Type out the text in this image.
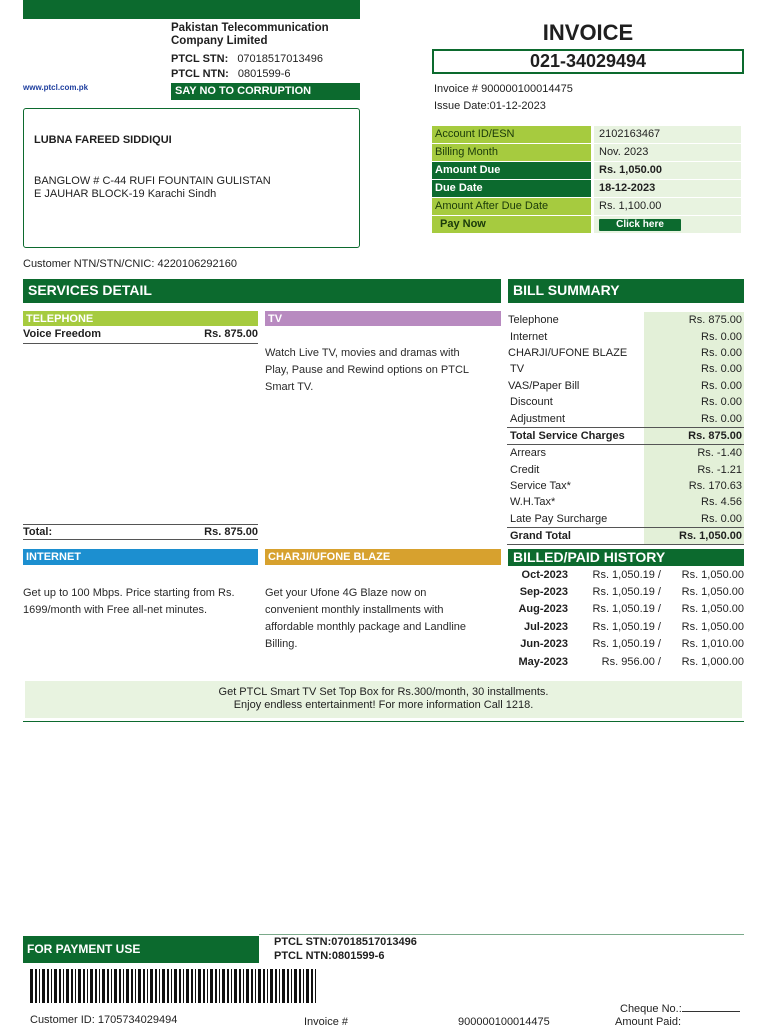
Pakistan Telecommunication
Company Limited
PTCL STN: 07018517013496
PTCL NTN: 0801599-6
www.ptcl.com.pk	SAY NO TO CORRUPTION
INVOICE
021-34029494
Invoice # 900000100014475
Issue Date:01-12-2023
LUBNA FAREED SIDDIQUI
BANGLOW # C-44 RUFI FOUNTAIN GULISTAN
E JAUHAR BLOCK-19 Karachi Sindh
Customer NTN/STN/CNIC: 4220106292160
Account ID/ESN	2102163467
Billing Month	Nov. 2023
Amount Due	Rs. 1,050.00
Due Date	18-12-2023
Amount After Due Date	Rs. 1,100.00
Pay Now	Click here
SERVICES DETAIL
TELEPHONE
Voice Freedom	Rs. 875.00
Total:	Rs. 875.00
TV
Watch Live TV, movies and dramas with Play, Pause and Rewind options on PTCL Smart TV.
INTERNET
Get up to 100 Mbps. Price starting from Rs. 1699/month with Free all-net minutes.
CHARJI/UFONE BLAZE
Get your Ufone 4G Blaze now on convenient monthly installments with affordable monthly package and Landline Billing.
BILL SUMMARY
Telephone	Rs. 875.00
Internet	Rs. 0.00
CHARJI/UFONE BLAZE	Rs. 0.00
TV	Rs. 0.00
VAS/Paper Bill	Rs. 0.00
Discount	Rs. 0.00
Adjustment	Rs. 0.00
Total Service Charges	Rs. 875.00
Arrears	Rs. -1.40
Credit	Rs. -1.21
Service Tax*	Rs. 170.63
W.H.Tax*	Rs. 4.56
Late Pay Surcharge	Rs. 0.00
Grand Total	Rs. 1,050.00
BILLED/PAID HISTORY
Oct-2023	Rs. 1,050.19 /	Rs. 1,050.00
Sep-2023	Rs. 1,050.19 /	Rs. 1,050.00
Aug-2023	Rs. 1,050.19 /	Rs. 1,050.00
Jul-2023	Rs. 1,050.19 /	Rs. 1,050.00
Jun-2023	Rs. 1,050.19 /	Rs. 1,010.00
May-2023	Rs. 956.00 /	Rs. 1,000.00
Get PTCL Smart TV Set Top Box for Rs.300/month, 30 installments.
Enjoy endless entertainment! For more information Call 1218.
FOR PAYMENT USE	PTCL STN:07018517013496
PTCL NTN:0801599-6
Customer ID: 1705734029494	Invoice #	900000100014475
Cheque No.:
Amount Paid:
